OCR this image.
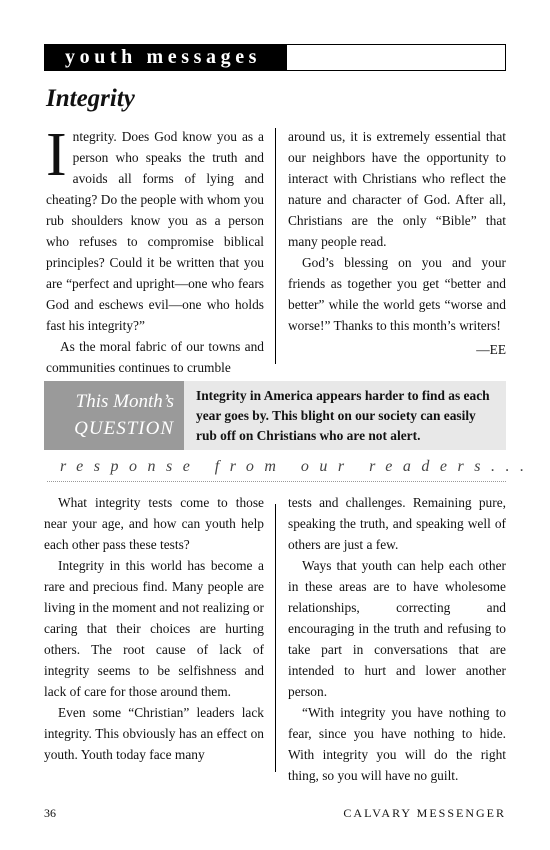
youth messages
Integrity

Integrity. Does God know you as a person who speaks the truth and avoids all forms of lying and cheating? Do the people with whom you rub shoulders know you as a person who refuses to compromise biblical principles? Could it be written that you are “perfect and upright—one who fears God and eschews evil—one who holds fast his integrity?”

As the moral fabric of our towns and communities continues to crumble

around us, it is extremely essential that our neighbors have the opportunity to interact with Christians who reflect the nature and character of God. After all, Christians are the only “Bible” that many people read.

God’s blessing on you and your friends as together you get “better and better” while the world gets “worse and worse!” Thanks to this month’s writers!

—EE
This Month’s
QUESTION
Integrity in America appears harder to find as each year goes by. This blight on our society can easily rub off on Christians who are not alert.
response from our readers...

What integrity tests come to those near your age, and how can youth help each other pass these tests?

Integrity in this world has become a rare and precious find. Many people are living in the moment and not realizing or caring that their choices are hurting others. The root cause of lack of integrity seems to be selfishness and lack of care for those around them.

Even some “Christian” leaders lack integrity. This obviously has an effect on youth. Youth today face many

tests and challenges. Remaining pure, speaking the truth, and speaking well of others are just a few.

Ways that youth can help each other in these areas are to have wholesome relationships, correcting and encouraging in the truth and refusing to take part in conversations that are intended to hurt and lower another person.

“With integrity you have nothing to fear, since you have nothing to hide. With integrity you will do the right thing, so you will have no guilt.

36	CALVARY MESSENGER
